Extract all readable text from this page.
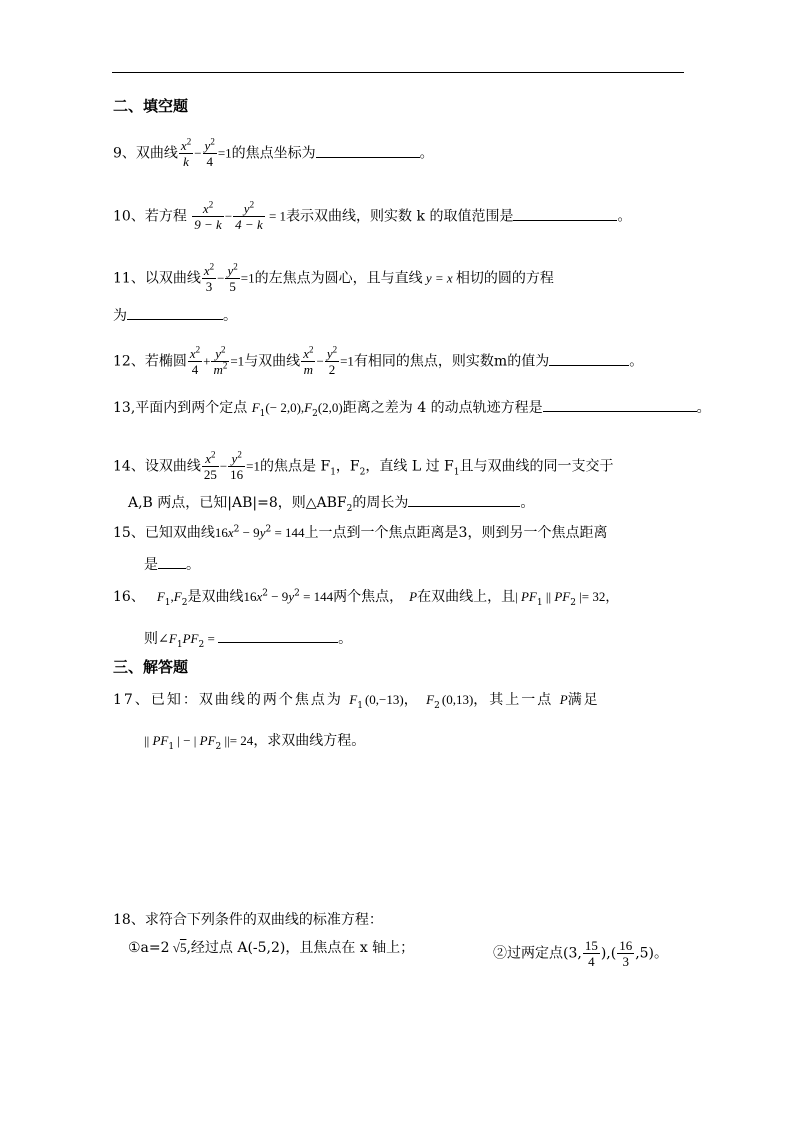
二、填空题
9、双曲线 $\frac{x^2}{k} - \frac{y^2}{4} =1$的焦点坐标为	。
10、若方程 $\frac{x^2}{9 - k} - \frac{y^2}{4 - k} = 1$表示双曲线，则实数 k 的取值范围是	。
11、以双曲线 $\frac{x^2}{3} - \frac{y^2}{5} =1$的左焦点为圆心，且与直线 y = x 相切的圆的方程
为	。
12、若椭圆 $\frac{x^2}{4} + \frac{y^2}{m^2} =1$与双曲线 $\frac{x^2}{m} - \frac{y^2}{2} =1$有相同的焦点，则实数m的值为	。
13,平面内到两个定点 $F_1(- 2,0),F_2(2,0)$距离之差为 4 的动点轨迹方程是	。
14、设双曲线 $\frac{x^2}{25} - \frac{y^2}{16} =1$的焦点是 $F_1$，$F_2$，直线 L 过 $F_1$且与双曲线的同一支交于
A,B 两点，已知|AB|=8，则$\triangle ABF_2$的周长为	。
15、已知双曲线$16x^2 - 9y^2 = 144$上一点到一个焦点距离是3，则到另一个焦点距离
是 。
16、 $F_1,F_2$是双曲线$16x^2 - 9y^2 = 144$两个焦点， P在双曲线上，且| $PF_1$ || $PF_2$ |= 32，
则$\angle F_1PF_2$ =	。
三、解答题
17、已知：双曲线的两个焦点为 $F_1(0,-13)$， $F_2(0,13)$，其上一点 P满足
|| $PF_1$ | − | $PF_2$ ||= 24，求双曲线方程。
18、求符合下列条件的双曲线的标准方程：
①a=2 √5,经过点 A(-5,2)，且焦点在 x 轴上；	②过两定点(3, $\frac{15}{4}$ ),( $\frac{16}{3} ,5$)。
